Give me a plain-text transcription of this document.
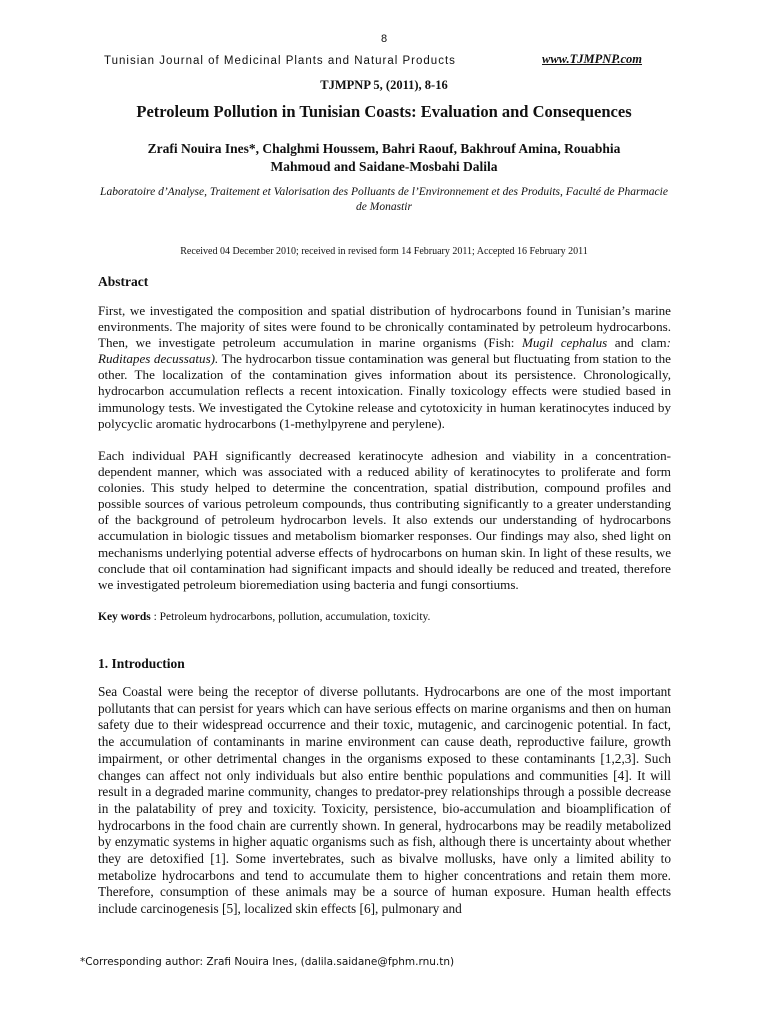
8
Tunisian Journal of Medicinal Plants and Natural Products	www.TJMPNP.com
TJMPNP 5, (2011), 8-16
Petroleum Pollution in Tunisian Coasts: Evaluation and Consequences
Zrafi Nouira Ines*, Chalghmi Houssem, Bahri Raouf, Bakhrouf Amina, Rouabhia
Mahmoud and Saidane-Mosbahi Dalila
Laboratoire d’Analyse, Traitement et Valorisation des Polluants de l’Environnement et des Produits, Faculté de Pharmacie de Monastir
Received 04 December 2010; received in revised form 14 February 2011; Accepted 16 February 2011
Abstract
First, we investigated the composition and spatial distribution of hydrocarbons found in Tunisian’s marine environments. The majority of sites were found to be chronically contaminated by petroleum hydrocarbons. Then, we investigate petroleum accumulation in marine organisms (Fish: Mugil cephalus and clam: Ruditapes decussatus). The hydrocarbon tissue contamination was general but fluctuating from station to the other. The localization of the contamination gives information about its persistence. Chronologically, hydrocarbon accumulation reflects a recent intoxication. Finally toxicology effects were studied based in immunology tests. We investigated the Cytokine release and cytotoxicity in human keratinocytes induced by polycyclic aromatic hydrocarbons (1-methylpyrene and perylene).
Each individual PAH significantly decreased keratinocyte adhesion and viability in a concentration-dependent manner, which was associated with a reduced ability of keratinocytes to proliferate and form colonies. This study helped to determine the concentration, spatial distribution, compound profiles and possible sources of various petroleum compounds, thus contributing significantly to a greater understanding of the background of petroleum hydrocarbon levels. It also extends our understanding of hydrocarbons accumulation in biologic tissues and metabolism biomarker responses. Our findings may also, shed light on mechanisms underlying potential adverse effects of hydrocarbons on human skin. In light of these results, we conclude that oil contamination had significant impacts and should ideally be reduced and treated, therefore we investigated petroleum bioremediation using bacteria and fungi consortiums.
Key words : Petroleum hydrocarbons, pollution, accumulation, toxicity.
1. Introduction
Sea Coastal were being the receptor of diverse pollutants. Hydrocarbons are one of the most important pollutants that can persist for years which can have serious effects on marine organisms and then on human safety due to their widespread occurrence and their toxic, mutagenic, and carcinogenic potential. In fact, the accumulation of contaminants in marine environment can cause death, reproductive failure, growth impairment, or other detrimental changes in the organisms exposed to these contaminants [1,2,3]. Such changes can affect not only individuals but also entire benthic populations and communities [4]. It will result in a degraded marine community, changes to predator-prey relationships through a possible decrease in the palatability of prey and toxicity. Toxicity, persistence, bio-accumulation and bioamplification of hydrocarbons in the food chain are currently shown. In general, hydrocarbons may be readily metabolized by enzymatic systems in higher aquatic organisms such as fish, although there is uncertainty about whether they are detoxified [1]. Some invertebrates, such as bivalve mollusks, have only a limited ability to metabolize hydrocarbons and tend to accumulate them to higher concentrations and retain them more. Therefore, consumption of these animals may be a source of human exposure. Human health effects include carcinogenesis [5], localized skin effects [6], pulmonary and
*Corresponding author: Zrafi Nouira Ines, (dalila.saidane@fphm.rnu.tn)
